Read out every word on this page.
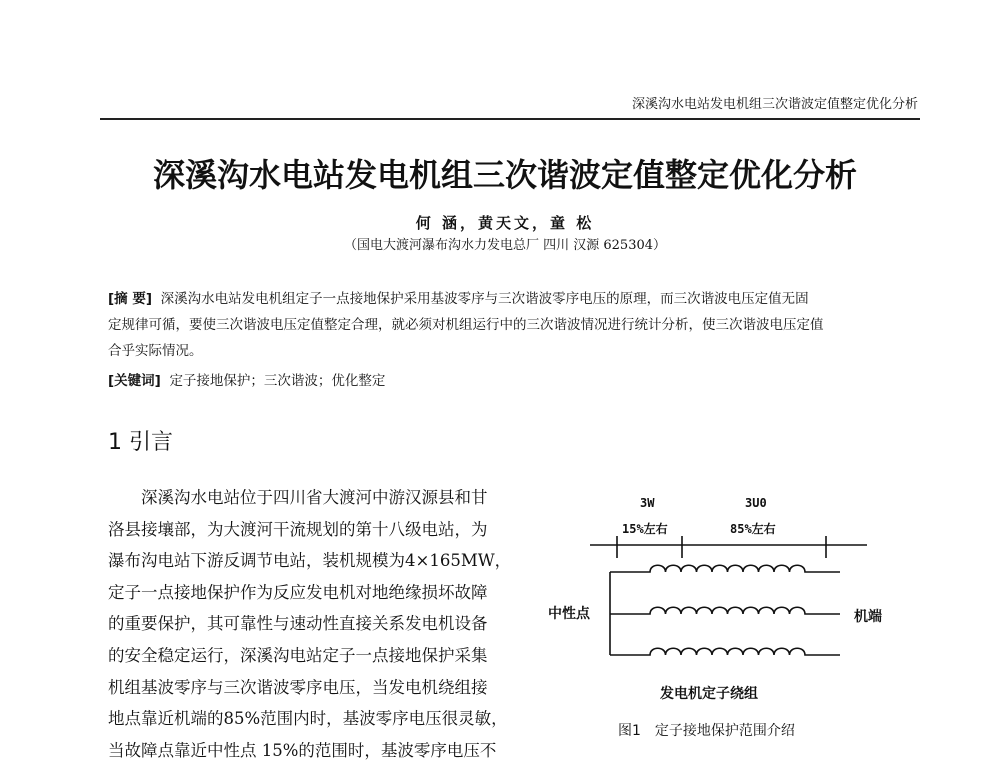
深溪沟水电站发电机组三次谐波定值整定优化分析
深溪沟水电站发电机组三次谐波定值整定优化分析
何 涵，黄天文，童 松
（国电大渡河瀑布沟水力发电总厂 四川 汉源 625304）
[摘 要] 深溪沟水电站发电机组定子一点接地保护采用基波零序与三次谐波零序电压的原理，而三次谐波电压定值无固
定规律可循，要使三次谐波电压定值整定合理，就必须对机组运行中的三次谐波情况进行统计分析，使三次谐波电压定值
合乎实际情况。
[关键词] 定子接地保护；三次谐波；优化整定
1 引言
　　深溪沟水电站位于四川省大渡河中游汉源县和甘
洛县接壤部，为大渡河干流规划的第十八级电站，为
瀑布沟电站下游反调节电站，装机规模为4×165MW，
定子一点接地保护作为反应发电机对地绝缘损坏故障
的重要保护，其可靠性与速动性直接关系发电机设备
的安全稳定运行，深溪沟电站定子一点接地保护采集
机组基波零序与三次谐波零序电压，当发电机绕组接
地点靠近机端的85%范围内时，基波零序电压很灵敏，
当故障点靠近中性点 15%的范围时，基波零序电压不
3W	3U0
15%左右	85%左右
中性点	机端
发电机定子绕组
图1　定子接地保护范围介绍
